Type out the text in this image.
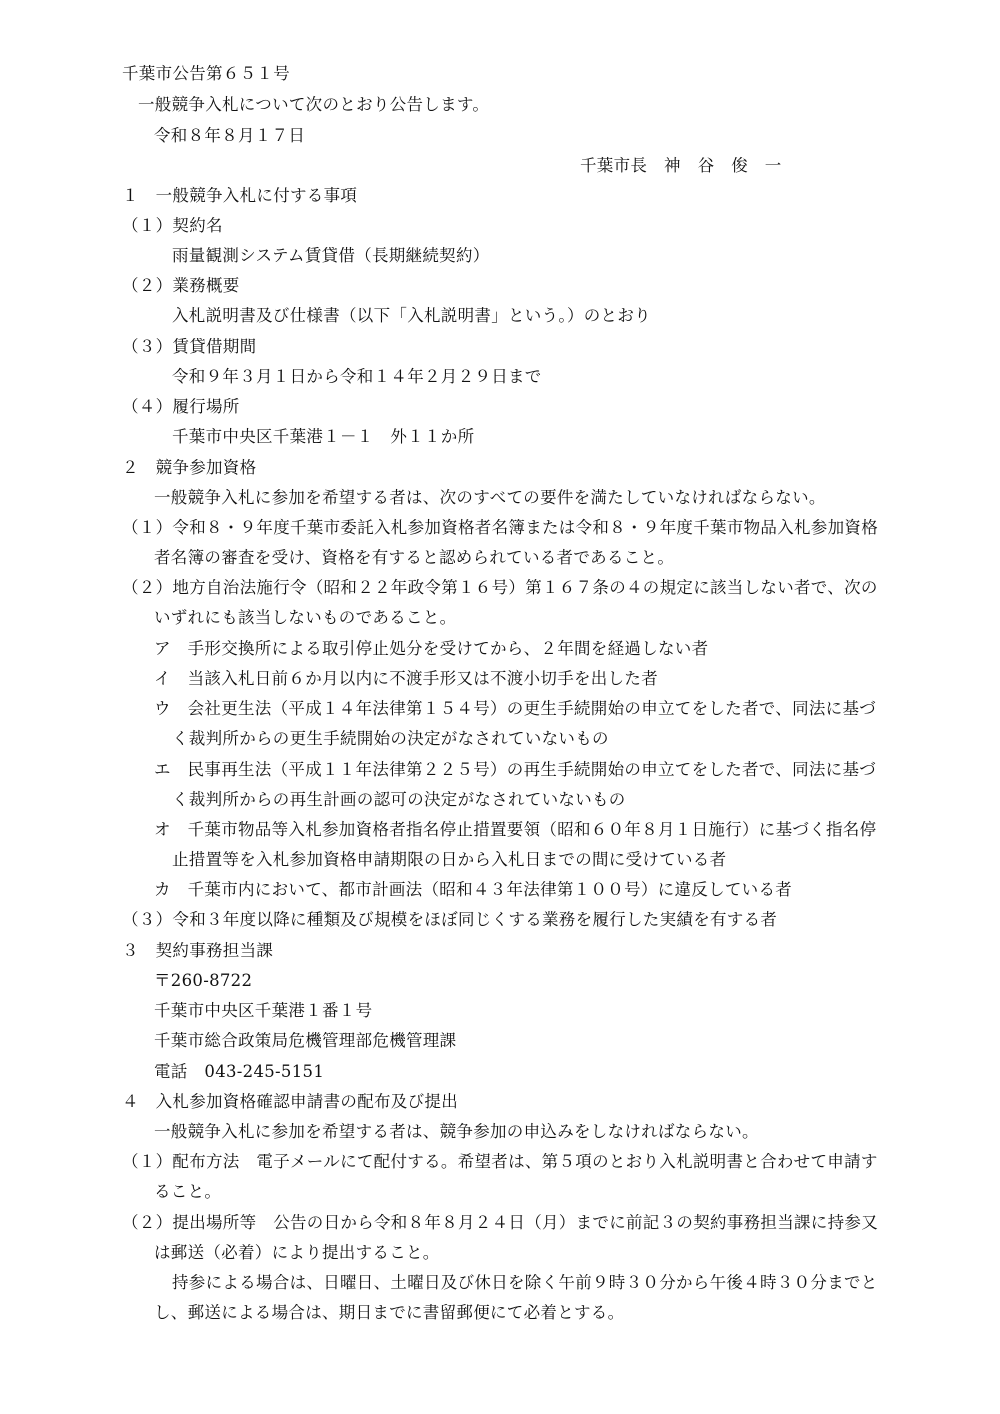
千葉市公告第６５１号
一般競争入札について次のとおり公告します。
令和８年８月１７日
千葉市長　神　谷　俊　一
１　一般競争入札に付する事項
（１）契約名
雨量観測システム賃貸借（長期継続契約）
（２）業務概要
入札説明書及び仕様書（以下「入札説明書」という。）のとおり
（３）賃貸借期間
令和９年３月１日から令和１４年２月２９日まで
（４）履行場所
千葉市中央区千葉港１－１　外１１か所
２　競争参加資格
一般競争入札に参加を希望する者は、次のすべての要件を満たしていなければならない。
（１）令和８・９年度千葉市委託入札参加資格者名簿または令和８・９年度千葉市物品入札参加資格
者名簿の審査を受け、資格を有すると認められている者であること。
（２）地方自治法施行令（昭和２２年政令第１６号）第１６７条の４の規定に該当しない者で、次の
いずれにも該当しないものであること。
ア　手形交換所による取引停止処分を受けてから、２年間を経過しない者
イ　当該入札日前６か月以内に不渡手形又は不渡小切手を出した者
ウ　会社更生法（平成１４年法律第１５４号）の更生手続開始の申立てをした者で、同法に基づ
く裁判所からの更生手続開始の決定がなされていないもの
エ　民事再生法（平成１１年法律第２２５号）の再生手続開始の申立てをした者で、同法に基づ
く裁判所からの再生計画の認可の決定がなされていないもの
オ　千葉市物品等入札参加資格者指名停止措置要領（昭和６０年８月１日施行）に基づく指名停
止措置等を入札参加資格申請期限の日から入札日までの間に受けている者
カ　千葉市内において、都市計画法（昭和４３年法律第１００号）に違反している者
（３）令和３年度以降に種類及び規模をほぼ同じくする業務を履行した実績を有する者
３　契約事務担当課
〒260-8722
千葉市中央区千葉港１番１号
千葉市総合政策局危機管理部危機管理課
電話　043-245-5151
４　入札参加資格確認申請書の配布及び提出
一般競争入札に参加を希望する者は、競争参加の申込みをしなければならない。
（１）配布方法　電子メールにて配付する。希望者は、第５項のとおり入札説明書と合わせて申請す
ること。
（２）提出場所等　公告の日から令和８年８月２４日（月）までに前記３の契約事務担当課に持参又
は郵送（必着）により提出すること。
持参による場合は、日曜日、土曜日及び休日を除く午前９時３０分から午後４時３０分までと
し、郵送による場合は、期日までに書留郵便にて必着とする。
